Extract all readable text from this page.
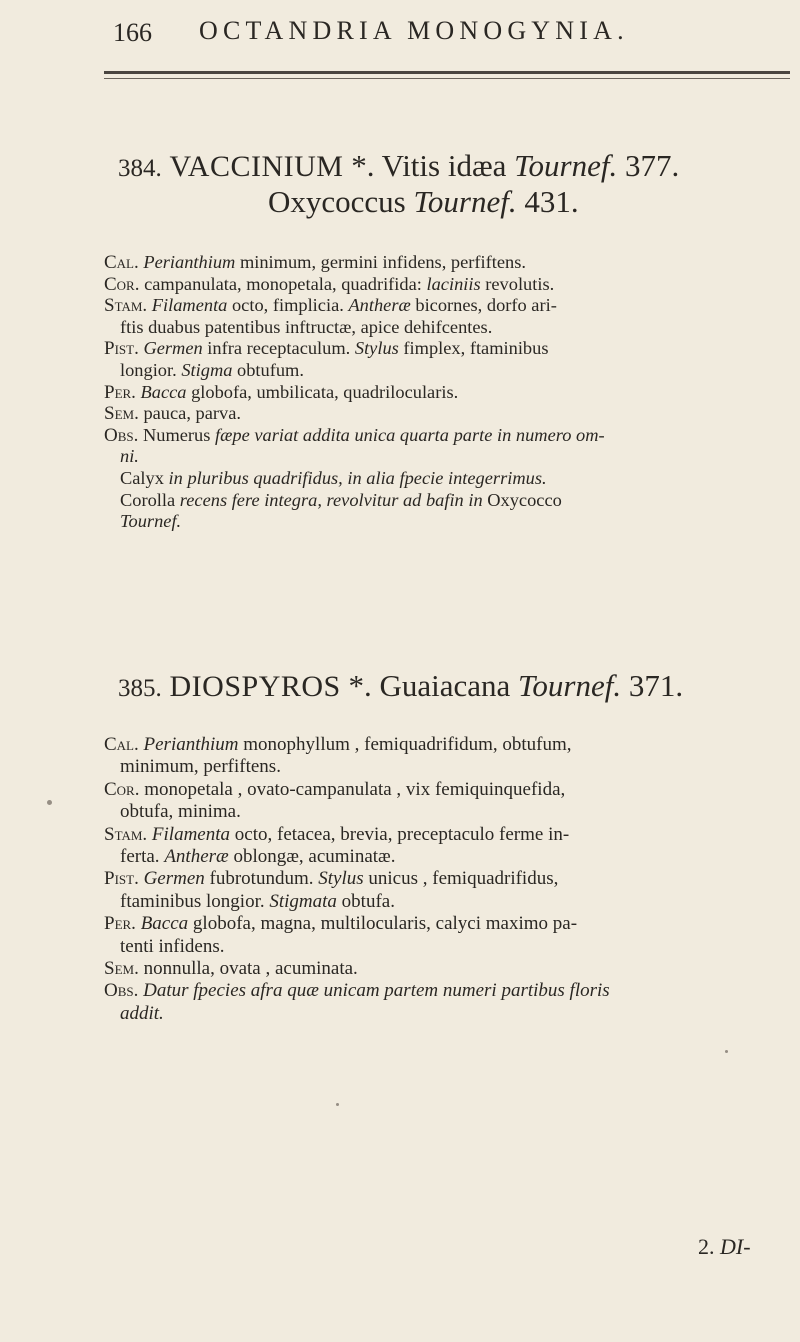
166 OCTANDRIA MONOGYNIA.
384. VACCINIUM *. Vitis idæa Tournef. 377.
Oxycoccus Tournef. 431.

Cal. Perianthium minimum, germini infidens, perfiftens.

Cor. campanulata, monopetala, quadrifida: laciniis revolutis.

Stam. Filamenta octo, fimplicia. Antheræ bicornes, dorfo ari-

ftis duabus patentibus inftructæ, apice dehifcentes.

Pist. Germen infra receptaculum. Stylus fimplex, ftaminibus

longior. Stigma obtufum.

Per. Bacca globofa, umbilicata, quadrilocularis.

Sem. pauca, parva.

Obs. Numerus fæpe variat addita unica quarta parte in numero om-

ni.

Calyx in pluribus quadrifidus, in alia fpecie integerrimus.

Corolla recens fere integra, revolvitur ad bafin in Oxycocco

Tournef.

385. DIOSPYROS *. Guaiacana Tournef. 371.

Cal. Perianthium monophyllum , femiquadrifidum, obtufum,

minimum, perfiftens.

Cor. monopetala , ovato-campanulata , vix femiquinquefida,

obtufa, minima.

Stam. Filamenta octo, fetacea, brevia, preceptaculo ferme in-

ferta. Antheræ oblongæ, acuminatæ.

Pist. Germen fubrotundum. Stylus unicus , femiquadrifidus,

ftaminibus longior. Stigmata obtufa.

Per. Bacca globofa, magna, multilocularis, calyci maximo pa-

tenti infidens.

Sem. nonnulla, ovata , acuminata.

Obs. Datur fpecies afra quæ unicam partem numeri partibus floris

addit.

2. DI-
